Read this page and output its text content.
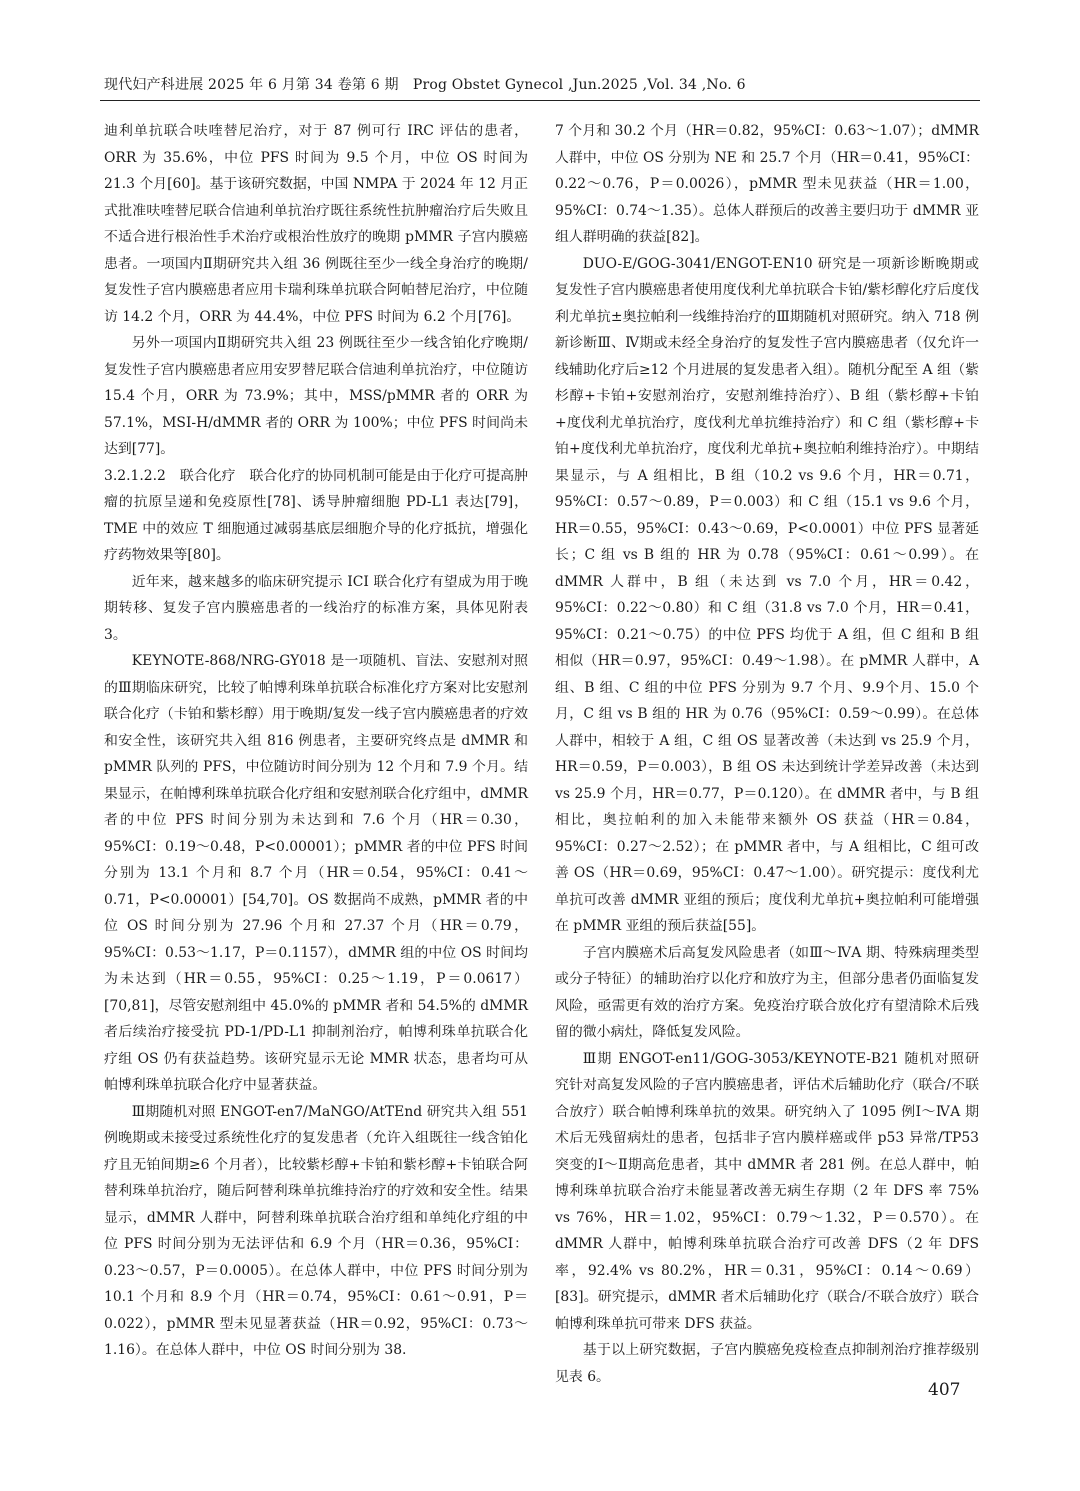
现代妇产科进展 2025 年 6 月第 34 卷第 6 期　Prog Obstet Gynecol ,Jun.2025 ,Vol. 34 ,No. 6

迪利单抗联合呋喹替尼治疗，对于 87 例可行 IRC 评估的患者，ORR 为 35.6%，中位 PFS 时间为 9.5 个月，中位 OS 时间为 21.3 个月[60]。基于该研究数据，中国 NMPA 于 2024 年 12 月正式批准呋喹替尼联合信迪利单抗治疗既往系统性抗肿瘤治疗后失败且不适合进行根治性手术治疗或根治性放疗的晚期 pMMR 子宫内膜癌患者。一项国内Ⅱ期研究共入组 36 例既往至少一线全身治疗的晚期/复发性子宫内膜癌患者应用卡瑞利珠单抗联合阿帕替尼治疗，中位随访 14.2 个月，ORR 为 44.4%，中位 PFS 时间为 6.2 个月[76]。

另外一项国内Ⅱ期研究共入组 23 例既往至少一线含铂化疗晚期/复发性子宫内膜癌患者应用安罗替尼联合信迪利单抗治疗，中位随访 15.4 个月，ORR 为 73.9%；其中，MSS/pMMR 者的 ORR 为 57.1%，MSI-H/dMMR 者的 ORR 为 100%；中位 PFS 时间尚未达到[77]。

3.2.1.2.2　联合化疗　联合化疗的协同机制可能是由于化疗可提高肿瘤的抗原呈递和免疫原性[78]、诱导肿瘤细胞 PD-L1 表达[79]，TME 中的效应 T 细胞通过减弱基底层细胞介导的化疗抵抗，增强化疗药物效果等[80]。

近年来，越来越多的临床研究提示 ICI 联合化疗有望成为用于晚期转移、复发子宫内膜癌患者的一线治疗的标准方案，具体见附表 3。

KEYNOTE-868/NRG-GY018 是一项随机、盲法、安慰剂对照的Ⅲ期临床研究，比较了帕博利珠单抗联合标准化疗方案对比安慰剂联合化疗（卡铂和紫杉醇）用于晚期/复发一线子宫内膜癌患者的疗效和安全性，该研究共入组 816 例患者，主要研究终点是 dMMR 和 pMMR 队列的 PFS，中位随访时间分别为 12 个月和 7.9 个月。结果显示，在帕博利珠单抗联合化疗组和安慰剂联合化疗组中，dMMR 者的中位 PFS 时间分别为未达到和 7.6 个月（HR＝0.30，95%CI：0.19～0.48，P<0.00001）；pMMR 者的中位 PFS 时间分别为 13.1 个月和 8.7 个月（HR＝0.54，95%CI：0.41～0.71，P<0.00001）[54,70]。OS 数据尚不成熟，pMMR 者的中位 OS 时间分别为 27.96 个月和 27.37 个月（HR＝0.79，95%CI：0.53～1.17，P＝0.1157），dMMR 组的中位 OS 时间均为未达到（HR＝0.55，95%CI：0.25～1.19，P＝0.0617）[70,81]，尽管安慰剂组中 45.0%的 pMMR 者和 54.5%的 dMMR 者后续治疗接受抗 PD-1/PD-L1 抑制剂治疗，帕博利珠单抗联合化疗组 OS 仍有获益趋势。该研究显示无论 MMR 状态，患者均可从帕博利珠单抗联合化疗中显著获益。

Ⅲ期随机对照 ENGOT-en7/MaNGO/AtTEnd 研究共入组 551 例晚期或未接受过系统性化疗的复发患者（允许入组既往一线含铂化疗且无铂间期≥6 个月者），比较紫杉醇+卡铂和紫杉醇+卡铂联合阿替利珠单抗治疗，随后阿替利珠单抗维持治疗的疗效和安全性。结果显示，dMMR 人群中，阿替利珠单抗联合治疗组和单纯化疗组的中位 PFS 时间分别为无法评估和 6.9 个月（HR＝0.36，95%CI：0.23～0.57，P＝0.0005）。在总体人群中，中位 PFS 时间分别为 10.1 个月和 8.9 个月（HR＝0.74，95%CI：0.61～0.91，P＝0.022），pMMR 型未见显著获益（HR＝0.92，95%CI：0.73～1.16）。在总体人群中，中位 OS 时间分别为 38.

7 个月和 30.2 个月（HR＝0.82，95%CI：0.63～1.07）；dMMR 人群中，中位 OS 分别为 NE 和 25.7 个月（HR＝0.41，95%CI：0.22～0.76，P＝0.0026），pMMR 型未见获益（HR＝1.00，95%CI：0.74～1.35）。总体人群预后的改善主要归功于 dMMR 亚组人群明确的获益[82]。

DUO-E/GOG-3041/ENGOT-EN10 研究是一项新诊断晚期或复发性子宫内膜癌患者使用度伐利尤单抗联合卡铂/紫杉醇化疗后度伐利尤单抗±奥拉帕利一线维持治疗的Ⅲ期随机对照研究。纳入 718 例新诊断Ⅲ、Ⅳ期或未经全身治疗的复发性子宫内膜癌患者（仅允许一线辅助化疗后≥12 个月进展的复发患者入组）。随机分配至 A 组（紫杉醇+卡铂+安慰剂治疗，安慰剂维持治疗）、B 组（紫杉醇+卡铂+度伐利尤单抗治疗，度伐利尤单抗维持治疗）和 C 组（紫杉醇+卡铂+度伐利尤单抗治疗，度伐利尤单抗+奥拉帕利维持治疗）。中期结果显示，与 A 组相比，B 组（10.2 vs 9.6 个月，HR＝0.71，95%CI：0.57～0.89，P＝0.003）和 C 组（15.1 vs 9.6 个月，HR＝0.55，95%CI：0.43～0.69，P<0.0001）中位 PFS 显著延长；C 组 vs B 组的 HR 为 0.78（95%CI：0.61～0.99）。在 dMMR 人群中，B 组（未达到 vs 7.0 个月，HR＝0.42，95%CI：0.22～0.80）和 C 组（31.8 vs 7.0 个月，HR＝0.41，95%CI：0.21～0.75）的中位 PFS 均优于 A 组，但 C 组和 B 组相似（HR＝0.97，95%CI：0.49～1.98）。在 pMMR 人群中，A 组、B 组、C 组的中位 PFS 分别为 9.7 个月、9.9个月、15.0 个月，C 组 vs B 组的 HR 为 0.76（95%CI：0.59～0.99）。在总体人群中，相较于 A 组，C 组 OS 显著改善（未达到 vs 25.9 个月，HR＝0.59，P＝0.003），B 组 OS 未达到统计学差异改善（未达到 vs 25.9 个月，HR＝0.77，P＝0.120）。在 dMMR 者中，与 B 组相比，奥拉帕利的加入未能带来额外 OS 获益（HR＝0.84，95%CI：0.27～2.52）；在 pMMR 者中，与 A 组相比，C 组可改善 OS（HR＝0.69，95%CI：0.47～1.00）。研究提示：度伐利尤单抗可改善 dMMR 亚组的预后；度伐利尤单抗+奥拉帕利可能增强在 pMMR 亚组的预后获益[55]。

子宫内膜癌术后高复发风险患者（如Ⅲ～ⅣA 期、特殊病理类型或分子特征）的辅助治疗以化疗和放疗为主，但部分患者仍面临复发风险，亟需更有效的治疗方案。免疫治疗联合放化疗有望清除术后残留的微小病灶，降低复发风险。

Ⅲ期 ENGOT-en11/GOG-3053/KEYNOTE-B21 随机对照研究针对高复发风险的子宫内膜癌患者，评估术后辅助化疗（联合/不联合放疗）联合帕博利珠单抗的效果。研究纳入了 1095 例Ⅰ～ⅣA 期术后无残留病灶的患者，包括非子宫内膜样癌或伴 p53 异常/TP53 突变的Ⅰ～Ⅱ期高危患者，其中 dMMR 者 281 例。在总人群中，帕博利珠单抗联合治疗未能显著改善无病生存期（2 年 DFS 率 75% vs 76%，HR＝1.02，95%CI：0.79～1.32，P＝0.570）。在 dMMR 人群中，帕博利珠单抗联合治疗可改善 DFS（2 年 DFS 率，92.4% vs 80.2%，HR＝0.31，95%CI：0.14～0.69）[83]。研究提示，dMMR 者术后辅助化疗（联合/不联合放疗）联合帕博利珠单抗可带来 DFS 获益。

基于以上研究数据，子宫内膜癌免疫检查点抑制剂治疗推荐级别见表 6。

407
